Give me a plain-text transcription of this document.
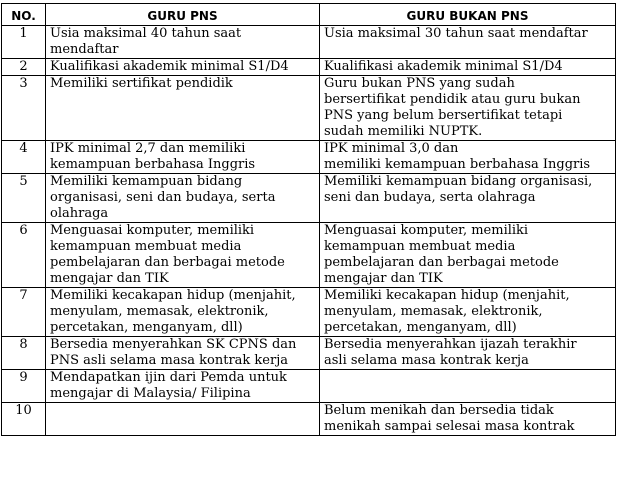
NO.	GURU PNS	GURU BUKAN PNS
1	Usia maksimal 40 tahun saat
mendaftar	Usia maksimal 30 tahun saat mendaftar

2	Kualifikasi akademik minimal S1/D4	Kualifikasi akademik minimal S1/D4

3	Memiliki sertifikat pendidik	Guru bukan PNS yang sudah
bersertifikat pendidik atau guru bukan
PNS yang belum bersertifikat tetapi
sudah memiliki NUPTK.

4	IPK minimal 2,7 dan memiliki
kemampuan berbahasa Inggris	IPK minimal 3,0 dan
memiliki kemampuan berbahasa Inggris

5	Memiliki kemampuan bidang
organisasi, seni dan budaya, serta
olahraga	Memiliki kemampuan bidang organisasi,
seni dan budaya, serta olahraga

6	Menguasai komputer, memiliki
kemampuan membuat media
pembelajaran dan berbagai metode
mengajar dan TIK	Menguasai komputer, memiliki
kemampuan membuat media
pembelajaran dan berbagai metode
mengajar dan TIK

7	Memiliki kecakapan hidup (menjahit,
menyulam, memasak, elektronik,
percetakan, menganyam, dll)	Memiliki kecakapan hidup (menjahit,
menyulam, memasak, elektronik,
percetakan, menganyam, dll)

8	Bersedia menyerahkan SK CPNS dan
PNS asli selama masa kontrak kerja	Bersedia menyerahkan ijazah terakhir
asli selama masa kontrak kerja

9	Mendapatkan ijin dari Pemda untuk
mengajar di Malaysia/ Filipina	

10		Belum menikah dan bersedia tidak
menikah sampai selesai masa kontrak
